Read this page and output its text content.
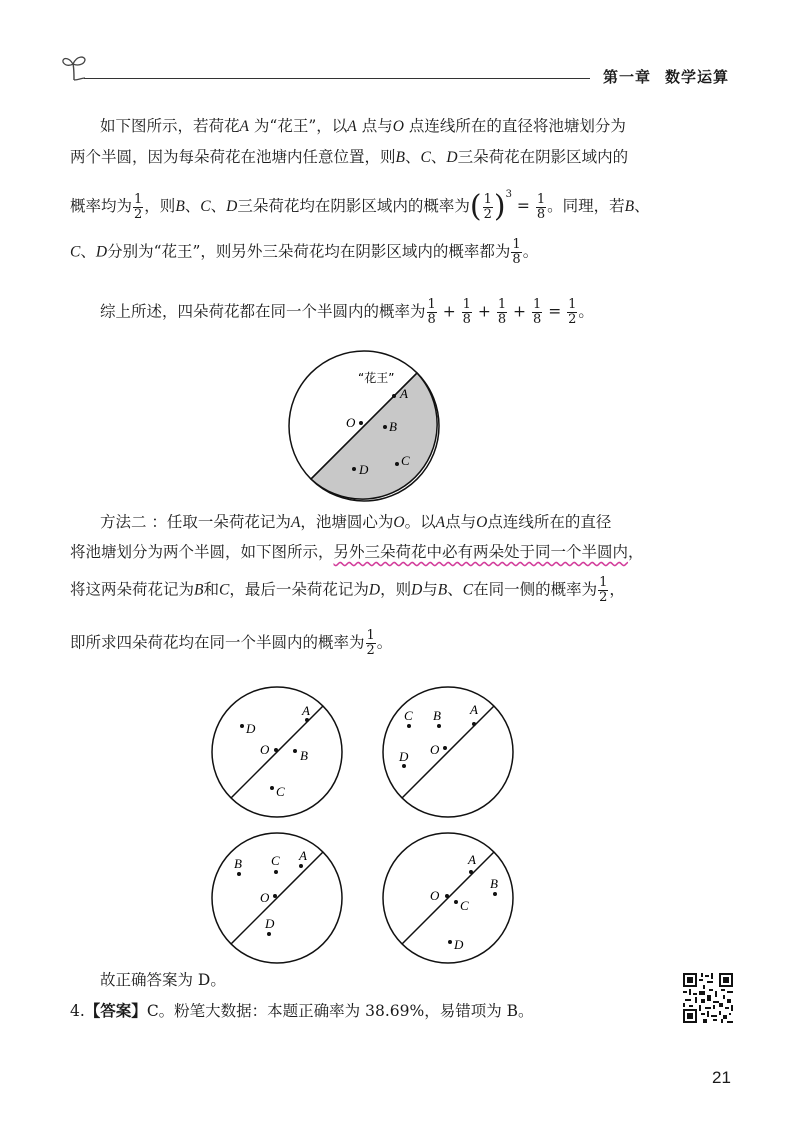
第一章 数学运算
如下图所示，若荷花A 为“花王”，以A 点与O 点连线所在的直径将池塘划分为
两个半圆，因为每朵荷花在池塘内任意位置，则B、C、D三朵荷花在阴影区域内的
概率均为 $\frac{1}{2}$ ，则B、C、D三朵荷花均在阴影区域内的概率为( $\frac{1}{2} )^3 = \frac{1}{8}$ 。同理，若B、
C、D分别为“花王”，则另外三朵荷花均在阴影区域内的概率都为 $\frac{1}{8}$ 。
综上所述，四朵荷花都在同一个半圆内的概率为 $\frac{1}{8} + \frac{1}{8} + \frac{1}{8} + \frac{1}{8} = \frac{1}{2}$ 。
“花王”
A
O	B
C
D
方法二 ：任取一朵荷花记为A，池塘圆心为O。以A点与O点连线所在的直径
将池塘划分为两个半圆，如下图所示，另外三朵荷花中必有两朵处于同一个半圆内，
将这两朵荷花记为B和C，最后一朵荷花记为D，则D与B、C在同一侧的概率为 $\frac{1}{2}$ ，
即所求四朵荷花均在同一个半圆内的概率为 $\frac{1}{2}$ 。
A
D
O B
C
A
C B
O
D
A
B C
O
D
A
B
O
C
D
故正确答案为 D。
4.【答案】C。粉笔大数据：本题正确率为 38.69%，易错项为 B。
21
